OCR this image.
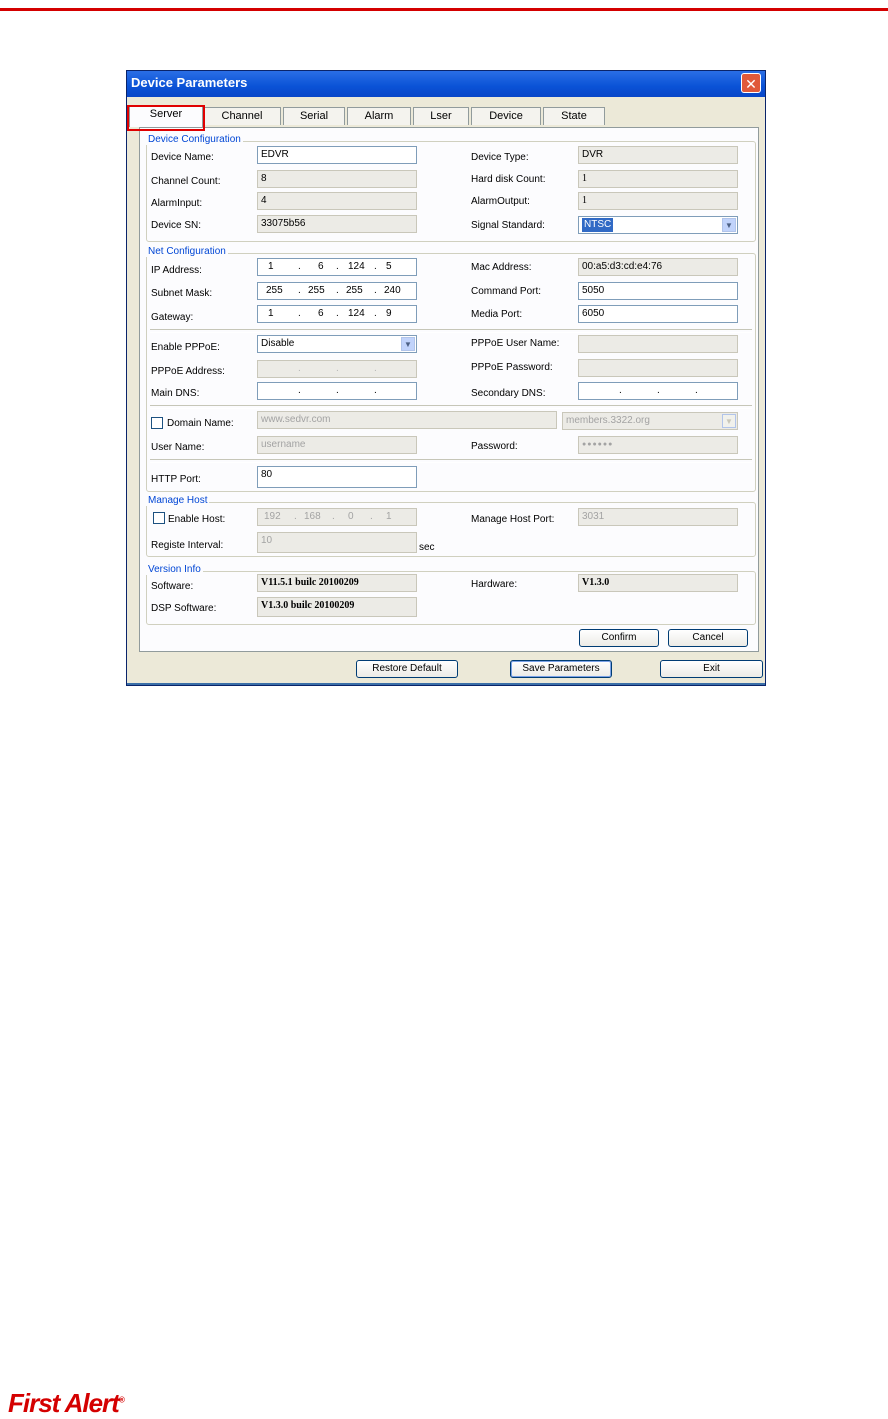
Device Parameters	✕
Server	Channel	Serial	Alarm	Lser	Device	State
Device Configuration
Device Name:	EDVR	Device Type:	DVR
Channel Count:	8	Hard disk Count:	1
AlarmInput:	4	AlarmOutput:	1
Device SN:	33075b56	Signal Standard:	NTSC	▼
Net Configuration
IP Address:	1 . 6 . 124 . 5	Mac Address:	00:a5:d3:cd:e4:76
Subnet Mask:	255 . 255 . 255 . 240	Command Port:	5050
Gateway:	1 . 6 . 124 . 9	Media Port:	6050
Enable PPPoE:	Disable	▼	PPPoE User Name:
PPPoE Address:	.	.	.	PPPoE Password:
Main DNS:	.	.	.	Secondary DNS:	.	.	.
Domain Name:	www.sedvr.com	members.3322.org	▼
User Name:	username	Password:	●●●●●●
HTTP Port:	80
Manage Host
Enable Host:	192 . 168 . 0 . 1	Manage Host Port:	3031
Registe Interval:	10
sec
Version Info
Software:	V11.5.1 builc 20100209	Hardware:	V1.3.0
DSP Software:	V1.3.0 builc 20100209
Confirm	Cancel
Restore Default	Save Parameters	Exit
First Alert®
